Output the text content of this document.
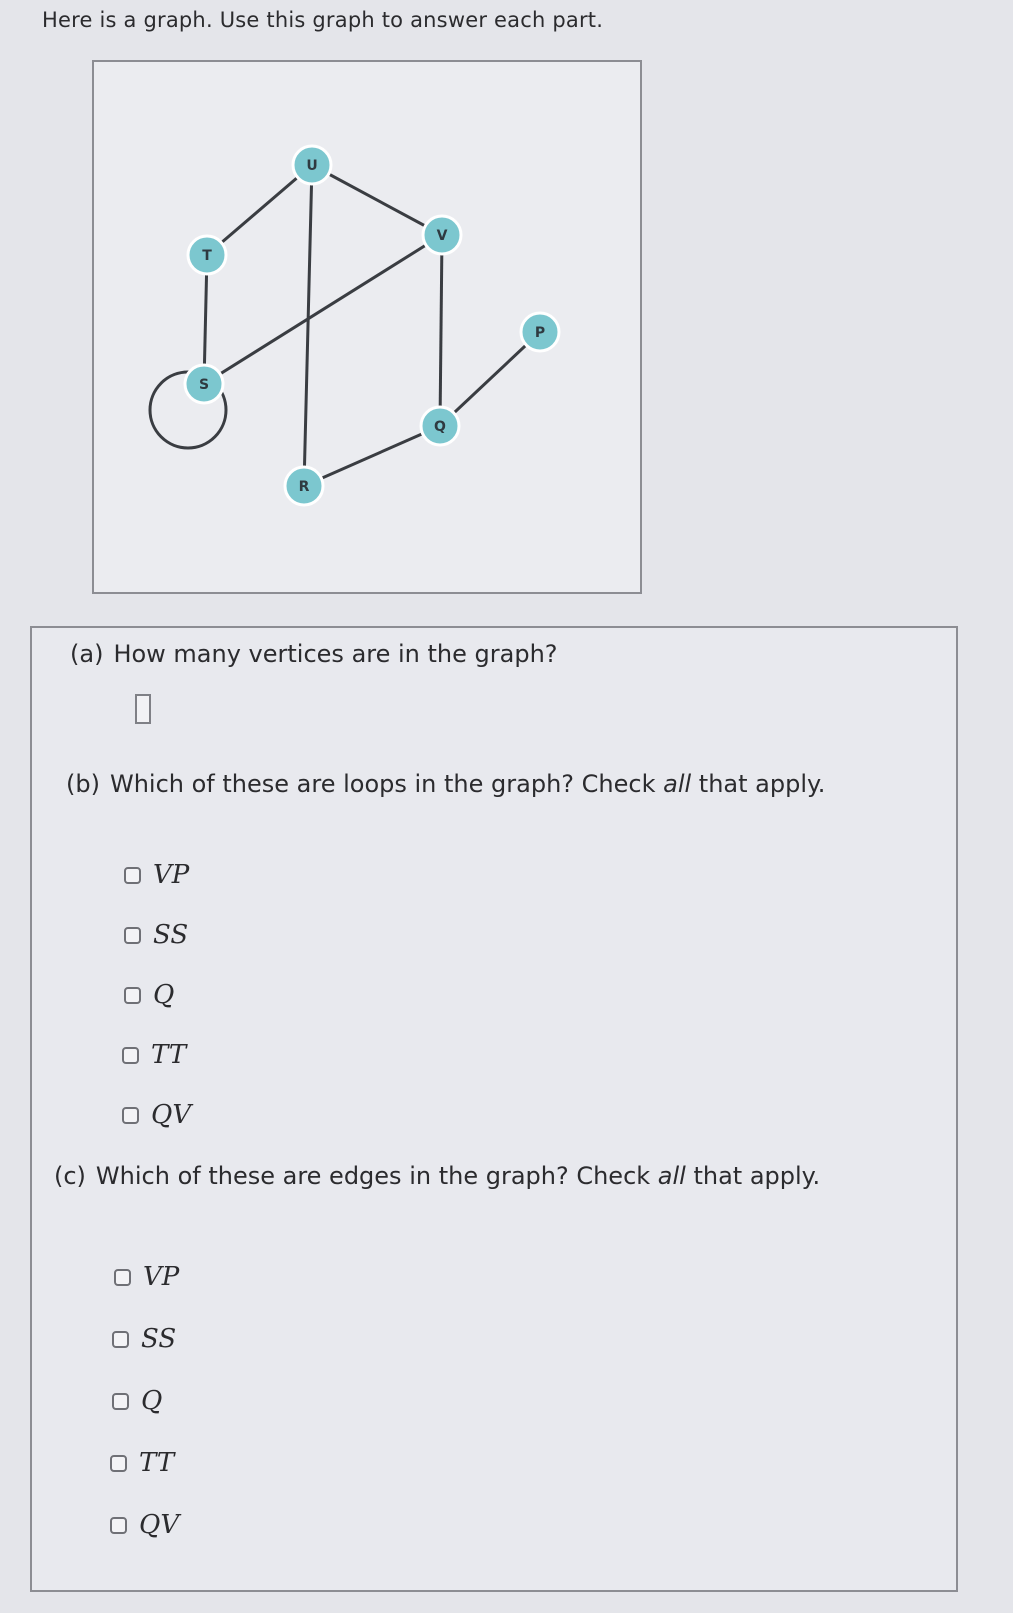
Here is a graph. Use this graph to answer each part.
U
V
T
P
S
Q
R
(a) How many vertices are in the graph?
(b) Which of these are loops in the graph? Check all that apply.
VP
SS
Q
TT
QV
(c) Which of these are edges in the graph? Check all that apply.
VP
SS
Q
TT
QV
